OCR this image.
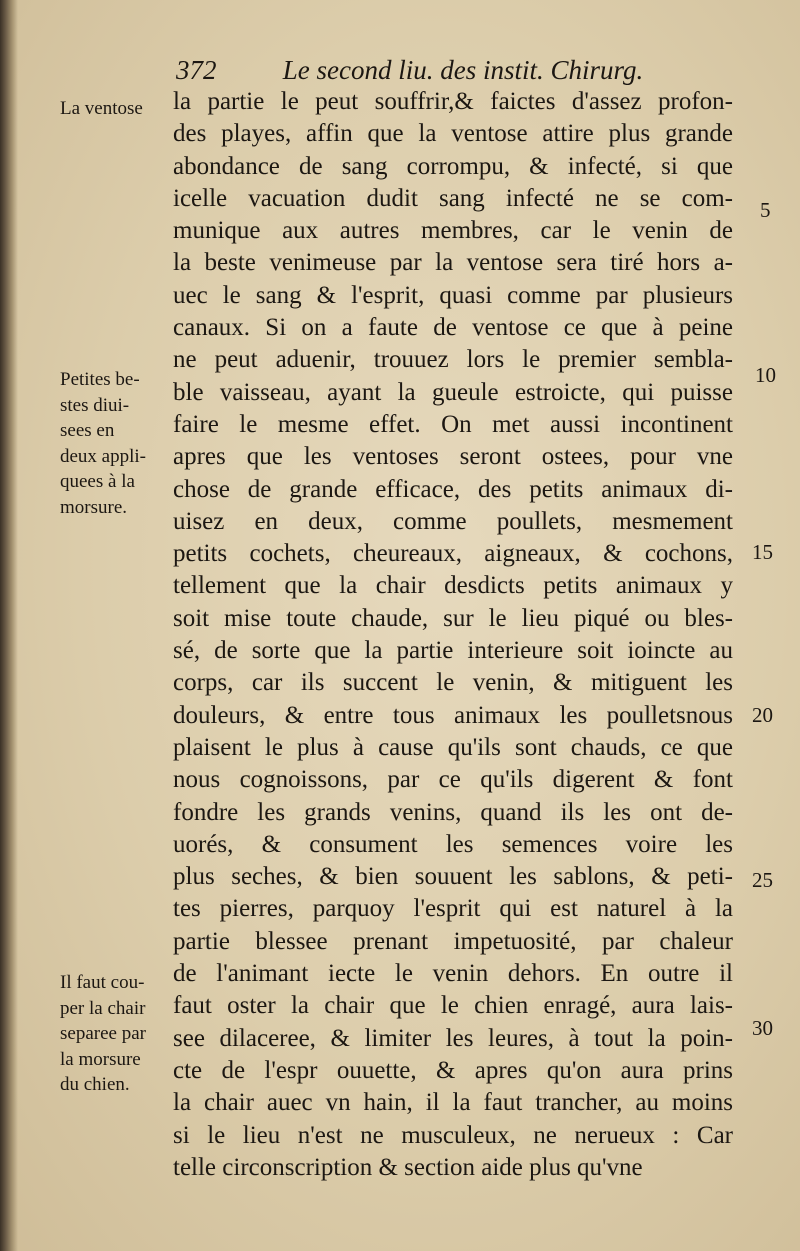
372 Le second liu. des instit. Chirurg.
la partie le peut souffrir,& faictes d'assez profon-
des playes, affin que la ventose attire plus grande
abondance de sang corrompu, & infecté, si que
icelle vacuation dudit sang infecté ne se com-
munique aux autres membres, car le venin de
la beste venimeuse par la ventose sera tiré hors a-
uec le sang & l'esprit, quasi comme par plusieurs
canaux. Si on a faute de ventose ce que à peine
ne peut aduenir, trouuez lors le premier sembla-
ble vaisseau, ayant la gueule estroicte, qui puisse
faire le mesme effet. On met aussi incontinent
apres que les ventoses seront ostees, pour vne
chose de grande efficace, des petits animaux di-
uisez en deux, comme poullets, mesmement
petits cochets, cheureaux, aigneaux, & cochons,
tellement que la chair desdicts petits animaux y
soit mise toute chaude, sur le lieu piqué ou bles-
sé, de sorte que la partie interieure soit ioincte au
corps, car ils succent le venin, & mitiguent les
douleurs, & entre tous animaux les poulletsnous
plaisent le plus à cause qu'ils sont chauds, ce que
nous cognoissons, par ce qu'ils digerent & font
fondre les grands venins, quand ils les ont de-
uorés, & consument les semences voire les
plus seches, & bien souuent les sablons, & peti-
tes pierres, parquoy l'esprit qui est naturel à la
partie blessee prenant impetuosité, par chaleur
de l'animant iecte le venin dehors. En outre il
faut oster la chair que le chien enragé, aura lais-
see dilaceree, & limiter les leures, à tout la poin-
cte de l'espr ouuette, & apres qu'on aura prins
la chair auec vn hain, il la faut trancher, au moins
si le lieu n'est ne musculeux, ne nerueux : Car
telle circonscription & section aide plus qu'vne
La ventose
Petites be-
stes diui-
sees en
deux appli-
quees à la
morsure.
Il faut cou-
per la chair
separee par
la morsure
du chien.
5
10
15
20
25
30
